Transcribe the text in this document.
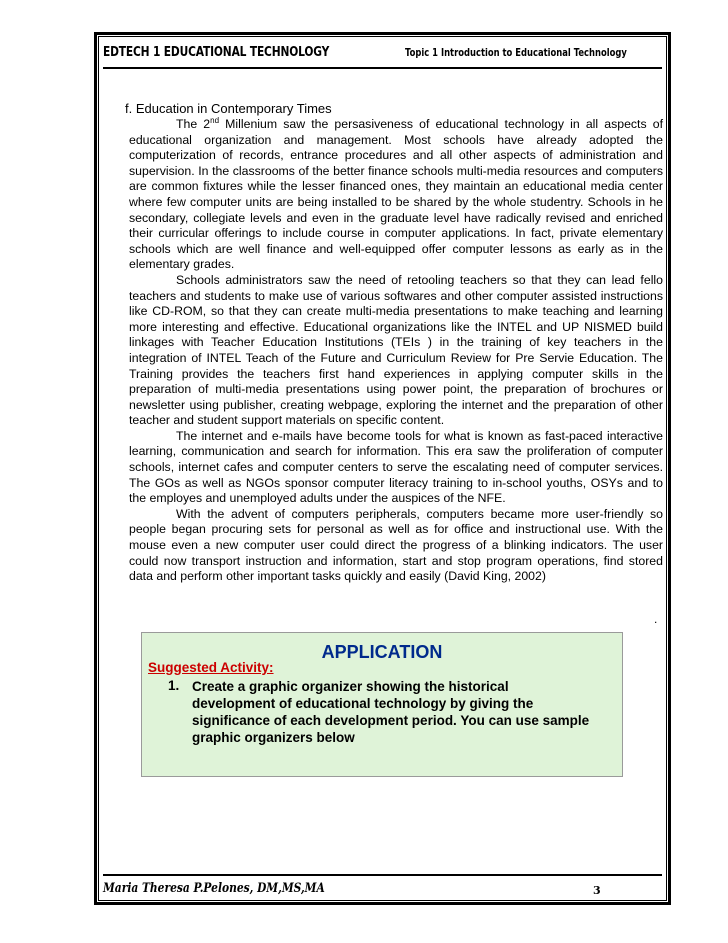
EDTECH 1 EDUCATIONAL TECHNOLOGY	Topic 1 Introduction to Educational Technology

f. Education in Contemporary Times

The 2nd Millenium saw the persasiveness of educational technology in all aspects of educational organization and management. Most schools have already adopted the computerization of records, entrance procedures and all other aspects of administration and supervision. In the classrooms of the better finance schools multi-media resources and computers are common fixtures while the lesser financed ones, they maintain an educational media center where few computer units are being installed to be shared by the whole studentry. Schools in he secondary, collegiate levels and even in the graduate level have radically revised and enriched their curricular offerings to include course in computer applications. In fact, private elementary schools which are well finance and well-equipped offer computer lessons as early as in the elementary grades.

Schools administrators saw the need of retooling teachers so that they can lead fello teachers and students to make use of various softwares and other computer assisted instructions like CD-ROM, so that they can create multi-media presentations to make teaching and learning more interesting and effective. Educational organizations like the INTEL and UP NISMED build linkages with Teacher Education Institutions (TEIs ) in the training of key teachers in the integration of INTEL Teach of the Future and Curriculum Review for Pre Servie Education. The Training provides the teachers first hand experiences in applying computer skills in the preparation of multi-media presentations using power point, the preparation of brochures or newsletter using publisher, creating webpage, exploring the internet and the preparation of other teacher and student support materials on specific content.

The internet and e-mails have become tools for what is known as fast-paced interactive learning, communication and search for information. This era saw the proliferation of computer schools, internet cafes and computer centers to serve the escalating need of computer services. The GOs as well as NGOs sponsor computer literacy training to in-school youths, OSYs and to the employes and unemployed adults under the auspices of the NFE.

With the advent of computers peripherals, computers became more user-friendly so people began procuring sets for personal as well as for office and instructional use. With the mouse even a new computer user could direct the progress of a blinking indicators. The user could now transport instruction and information, start and stop program operations, find stored data and perform other important tasks quickly and easily (David King, 2002)

.
APPLICATION
Suggested Activity:
1. Create a graphic organizer showing the historical development of educational technology by giving the significance of each development period. You can use sample graphic organizers below
Maria Theresa P.Pelones, DM,MS,MA	3
